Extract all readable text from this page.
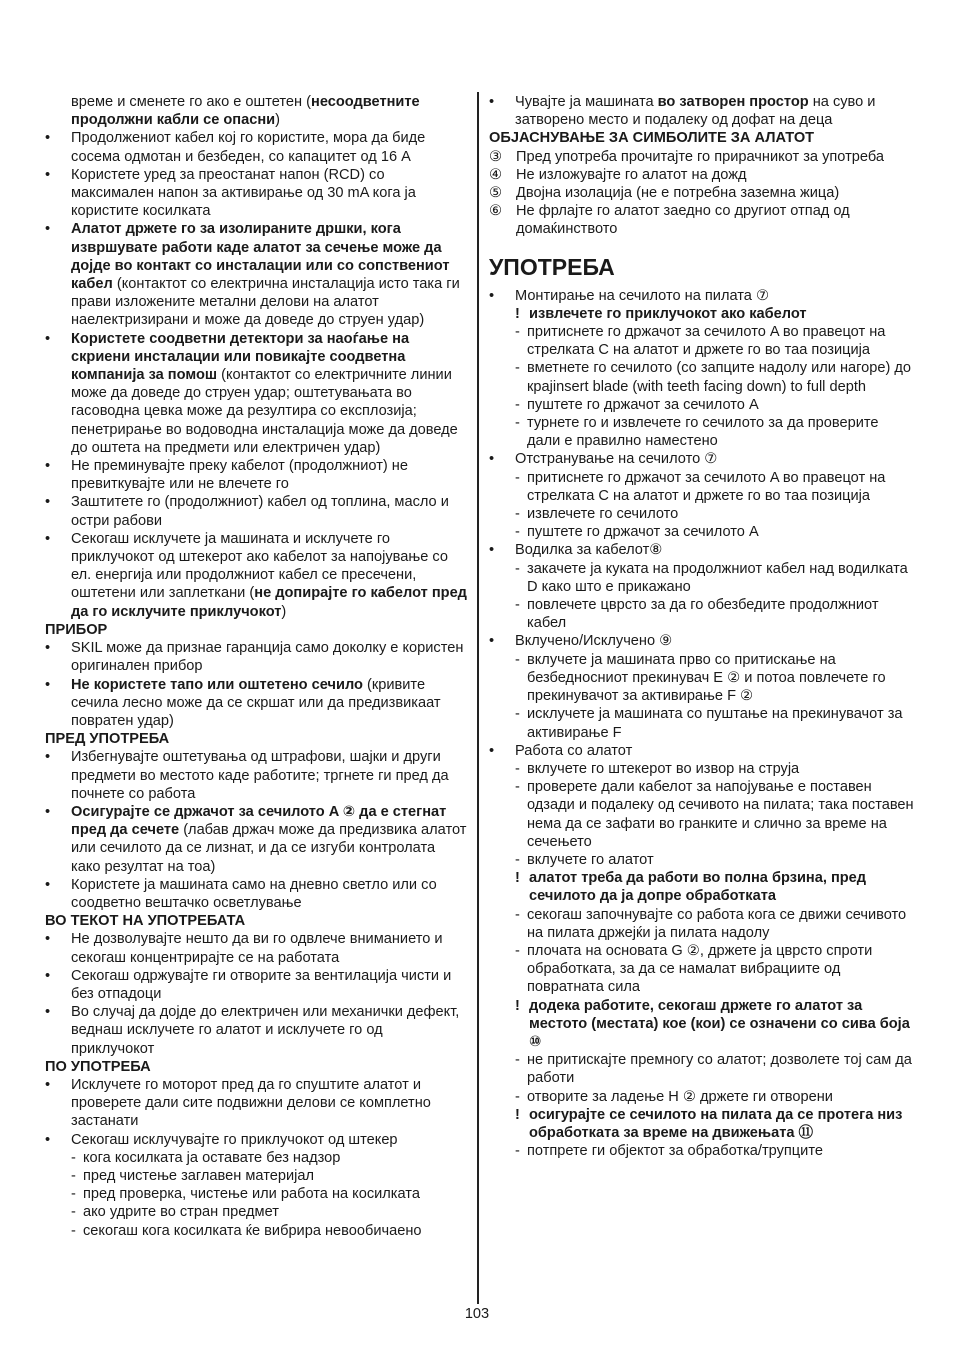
време и сменете го ако е оштетен (несоодветните продолжни кабли се опасни)
•	Продолжениот кабел кој го користите, мора да биде сосема одмотан и безбеден, со капацитет од 16 A
•	Користете уред за преостанат напон (RCD) со максимален напон за активирање од 30 mA кога ја користите косилката
•	Алатот држете го за изолираните дршки, кога извршувате работи каде алатот за сечење може да дојде во контакт со инсталации или со сопствениот кабел (контактот со електрична инсталација исто така ги прави изложените метални делови на алатот наелектризирани и може да доведе до струен удар)
•	Користете соодветни детектори за наоѓање на скриени инсталации или повикајте соодветна компанија за помош (контактот со електричните линии може да доведе до струен удар; оштетувањата во гасоводна цевка може да резултира со експлозија; пенетрирање во водоводна инсталација може да доведе до оштета на предмети или електричен удар)
•	Не преминувајте преку кабелот (продолжниот) не превиткувајте или не влечете го
•	Заштитете го (продолжниот) кабел од топлина, масло и остри рабови
•	Секогаш исклучете ја машината и исклучете го приклучокот од штекерот ако кабелот за напојување со ел. енергија или продолжниот кабел се пресечени, оштетени или заплеткани (не допирајте го кабелот пред да го исклучите приклучокот)
ПРИБОР
•	SKIL може да признае гаранција само доколку е користен оригинален прибор
•	Не користете тапо или оштетено сечило (кривите сечила лесно може да се скршат или да предизвикаат повратен удар)
ПРЕД УПОТРЕБА
•	Избегнувајте оштетувања од штрафови, шајки и други предмети во местото каде работите; тргнете ги пред да почнете со работа
•	Осигурајте се држачот за сечилото A ② да е стегнат пред да сечете (лабав држач може да предизвика алатот или сечилото да се лизнат, и да се изгуби контролата како резултат на тоа)
•	Користете ја машината само на дневно светло или со соодветно вештачко осветлување
ВО ТЕКОТ НА УПОТРЕБАТА
•	Не дозволувајте нешто да ви го одвлече вниманието и секогаш концентрирајте се на работата
•	Секогаш одржувајте ги отворите за вентилација чисти и без отпадоци
•	Во случај да дојде до електричен или механички дефект, веднаш исклучете го алатот и исклучете го од приклучокот
ПО УПОТРЕБА
•	Исклучете го моторот пред да го спуштите алатот и проверете дали сите подвижни делови се комплетно застанати
•	Секогаш исклучувајте го приклучокот од штекер
- кога косилката ја оставате без надзор
- пред чистење заглавен материјал
- пред проверка, чистење или работа на косилката
- ако удрите во стран предмет
- секогаш кога косилката ќе вибрира невообичаено
•	Чувајте ја машината во затворен простор на суво и затворено место и подалеку од дофат на деца
ОБЈАСНУВАЊЕ ЗА СИМБОЛИТЕ ЗА АЛАТОТ
③ Пред употреба прочитајте го прирачникот за употреба
④ Не изложувајте го алатот на дожд
⑤ Двојна изолација (не е потребна заземна жица)
⑥ Не фрлајте го алатот заедно со другиот отпад од домаќинството
УПОТРЕБА
•	Монтирање на сечилото на пилата ⑦
! извлечете го приклучокот ако кабелот
- притиснете го држачот за сечилото A во правецот на стрелката C на алатот и држете го во таа позиција
- вметнете го сечилото (со запците надолу или нагоре) до крајinsert blade (with teeth facing down) to full depth
- пуштете го држачот за сечилото A
- турнете го и извлечете го сечилото за да проверите дали е правилно наместено
•	Отстранување на сечилото ⑦
- притиснете го држачот за сечилото A во правецот на стрелката C на алатот и држете го во таа позиција
- извлечете го сечилото
- пуштете го држачот за сечилото A
•	Водилка за кабелот⑧
- закачете ја куката на продолжниот кабел над водилката D како што е прикажано
- повлечете цврсто за да го обезбедите продолжниот кабел
•	Вклучено/Исклучено ⑨
- вклучете ја машината прво со притискање на безбедносниот прекинувач E ② и потоа повлечете го прекинувачот за активирање F ②
- исклучете ја машината со пуштање на прекинувачот за активирање F
•	Работа со алатот
- вклучете го штекерот во извор на струја
- проверете дали кабелот за напојување е поставен одзади и подалеку од сечивото на пилата; така поставен нема да се зафати во гранките и слично за време на сечењето
- вклучете го алатот
! алатот треба да работи во полна брзина, пред сечилото да ја допре обработката
- секогаш започнувајте со работа кога се движи сечивото на пилата држејќи ја пилата надолу
- плочата на основата G ②, држете ја цврсто спроти обработката, за да се намалат вибрациите од повратната сила
! додека работите, секогаш држете го алатот за местото (местата) кое (кои) се означени со сива боја ⑩
- не притискајте премногу со алатот; дозволете тој сам да работи
- отворите за ладење H ② држете ги отворени
! осигурајте се сечилото на пилата да се протега низ обработката за време на движењата ⑪
- потпрете ги објектот за обработка/трупците
103
